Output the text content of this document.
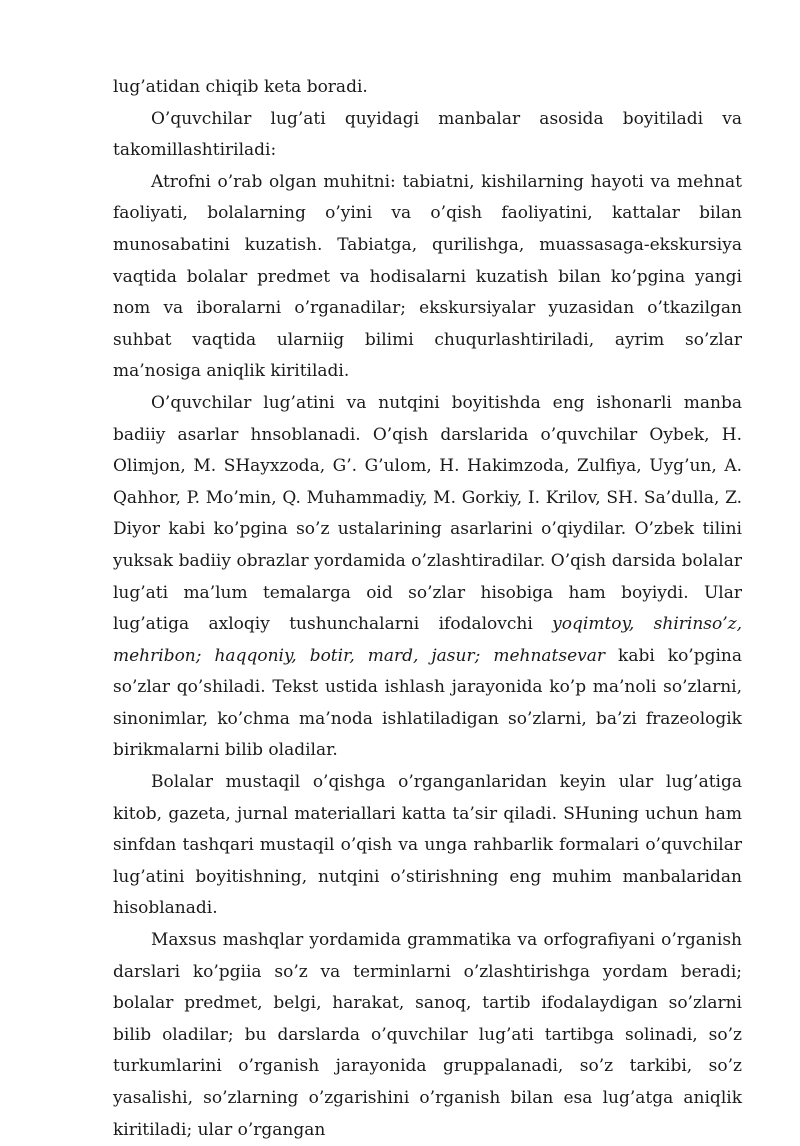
lug’atidan chiqib keta boradi.

O’quvchilar lug’ati quyidagi manbalar asosida boyitiladi va takomillashtiriladi:

Atrofni o’rab olgan muhitni: tabiatni, kishilarning hayoti va mehnat faoliyati, bolalarning o’yini va o’qish faoliyatini, kattalar bilan munosabatini kuzatish. Tabiatga, qurilishga, muassasaga-ekskursiya vaqtida bolalar predmet va hodisalarni kuzatish bilan ko’pgina yangi nom va iboralarni o’rganadilar; ekskursiyalar yuzasidan o’tkazilgan suhbat vaqtida ularniig bilimi chuqurlashtiriladi, ayrim so’zlar ma’nosiga aniqlik kiritiladi.

O’quvchilar lug’atini va nutqini boyitishda eng ishonarli manba badiiy asarlar hnsoblanadi. O’qish darslarida o’quvchilar Oybek, H. Olimjon, M. SHayxzoda, G’. G’ulom, H. Hakimzoda, Zulfiya, Uyg’un, A. Qahhor, P. Mo’min, Q. Muhammadiy, M. Gorkiy, I. Krilov, SH. Sa’dulla, Z. Diyor kabi ko’pgina so’z ustalarining asarlarini o’qiydilar. O’zbek tilini yuksak badiiy obrazlar yordamida o’zlashtiradilar. O’qish darsida bolalar lug’ati ma’lum temalarga oid so’zlar hisobiga ham boyiydi. Ular lug’atiga axloqiy tushunchalarni ifodalovchi yoqimtoy, shirinso’z, mehribon; haqqoniy, botir, mard, jasur; mehnatsevar kabi ko’pgina so’zlar qo’shiladi. Tekst ustida ishlash jarayonida ko’p ma’noli so’zlarni, sinonimlar, ko’chma ma’noda ishlatiladigan so’zlarni, ba’zi frazeologik birikmalarni bilib oladilar.

Bolalar mustaqil o’qishga o’rganganlaridan keyin ular lug’atiga kitob, gazeta, jurnal materiallari katta ta’sir qiladi. SHuning uchun ham sinfdan tashqari mustaqil o’qish va unga rahbarlik formalari o’quvchilar lug’atini boyitishning, nutqini o’stirishning eng muhim manbalaridan hisoblanadi.

Maxsus mashqlar yordamida grammatika va orfografiyani o’rganish darslari ko’pgiia so’z va terminlarni o’zlashtirishga yordam beradi; bolalar predmet, belgi, harakat, sanoq, tartib ifodalaydigan so’zlarni bilib oladilar; bu darslarda o’quvchilar lug’ati tartibga solinadi, so’z turkumlarini o’rganish jarayonida gruppalanadi, so’z tarkibi, so’z yasalishi, so’zlarning o’zgarishini o’rganish bilan esa lug’atga aniqlik kiritiladi; ular o’rgangan
